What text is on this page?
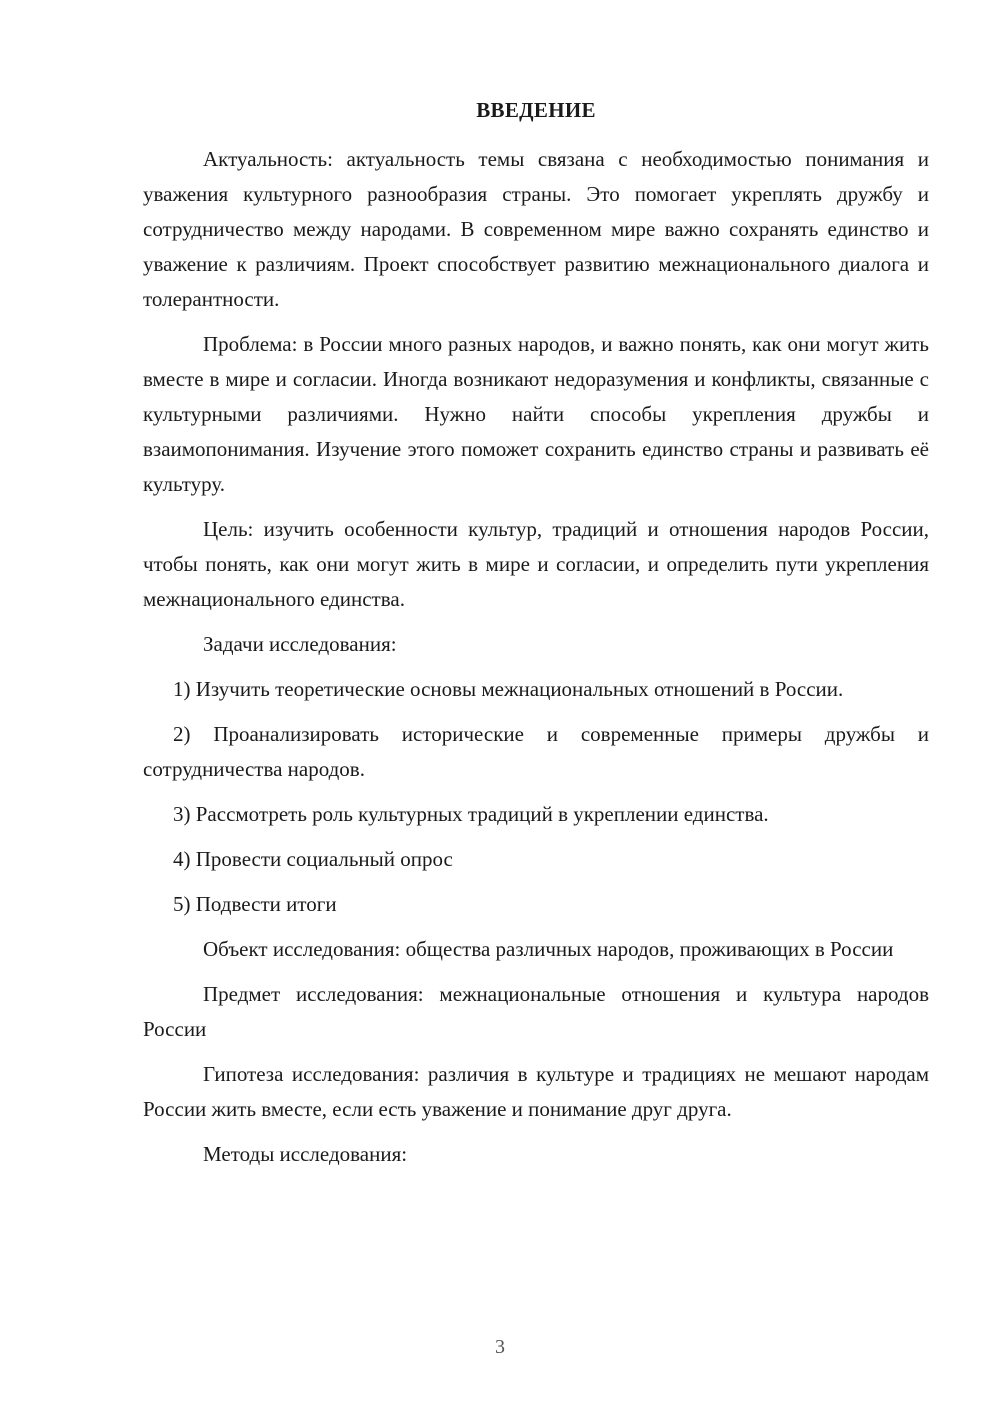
ВВЕДЕНИЕ

Актуальность: актуальность темы связана с необходимостью понимания и уважения культурного разнообразия страны. Это помогает укреплять дружбу и сотрудничество между народами. В современном мире важно сохранять единство и уважение к различиям. Проект способствует развитию межнационального диалога и толерантности.

Проблема: в России много разных народов, и важно понять, как они могут жить вместе в мире и согласии. Иногда возникают недоразумения и конфликты, связанные с культурными различиями. Нужно найти способы укрепления дружбы и взаимопонимания. Изучение этого поможет сохранить единство страны и развивать её культуру.

Цель: изучить особенности культур, традиций и отношения народов России, чтобы понять, как они могут жить в мире и согласии, и определить пути укрепления межнационального единства.

Задачи исследования:

1) Изучить теоретические основы межнациональных отношений в России.

2) Проанализировать исторические и современные примеры дружбы и сотрудничества народов.

3) Рассмотреть роль культурных традиций в укреплении единства.

4) Провести социальный опрос

5) Подвести итоги

Объект исследования: общества различных народов, проживающих в России

Предмет исследования: межнациональные отношения и культура народов России

Гипотеза исследования: различия в культуре и традициях не мешают народам России жить вместе, если есть уважение и понимание друг друга.

Методы исследования:

3
